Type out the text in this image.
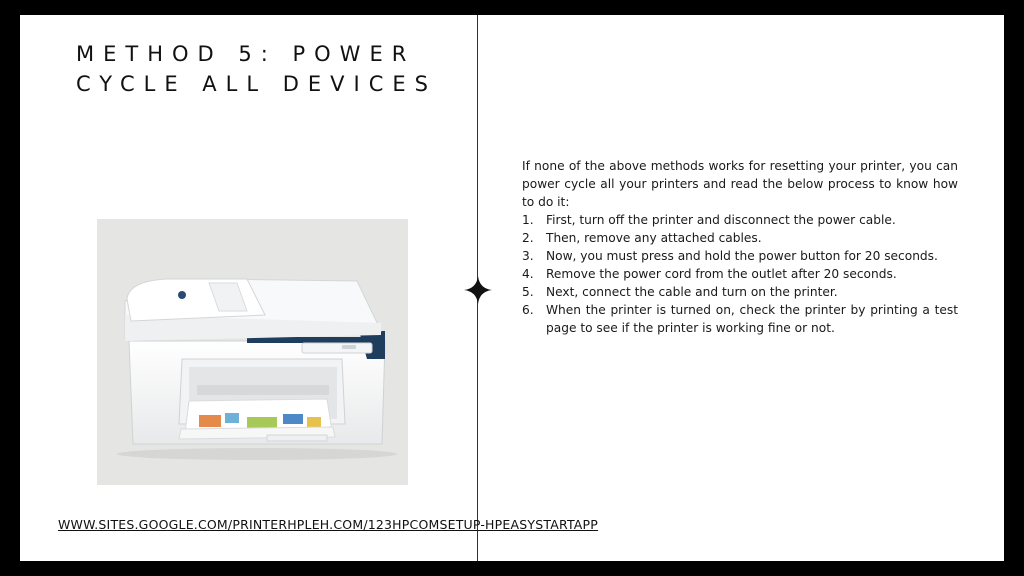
METHOD 5: POWER CYCLE ALL DEVICES

If none of the above methods works for resetting your printer, you can power cycle all your printers and read the below process to know how to do it:

1.	First, turn off the printer and disconnect the power cable.
2.	Then, remove any attached cables.
3.	Now, you must press and hold the power button for 20 seconds.
4.	Remove the power cord from the outlet after 20 seconds.
5.	Next, connect the cable and turn on the printer.
6.	When the printer is turned on, check the printer by printing a test page to see if the printer is working fine or not.
WWW.SITES.GOOGLE.COM/PRINTERHPLEH.COM/123HPCOMSETUP-HPEASYSTARTAPP
